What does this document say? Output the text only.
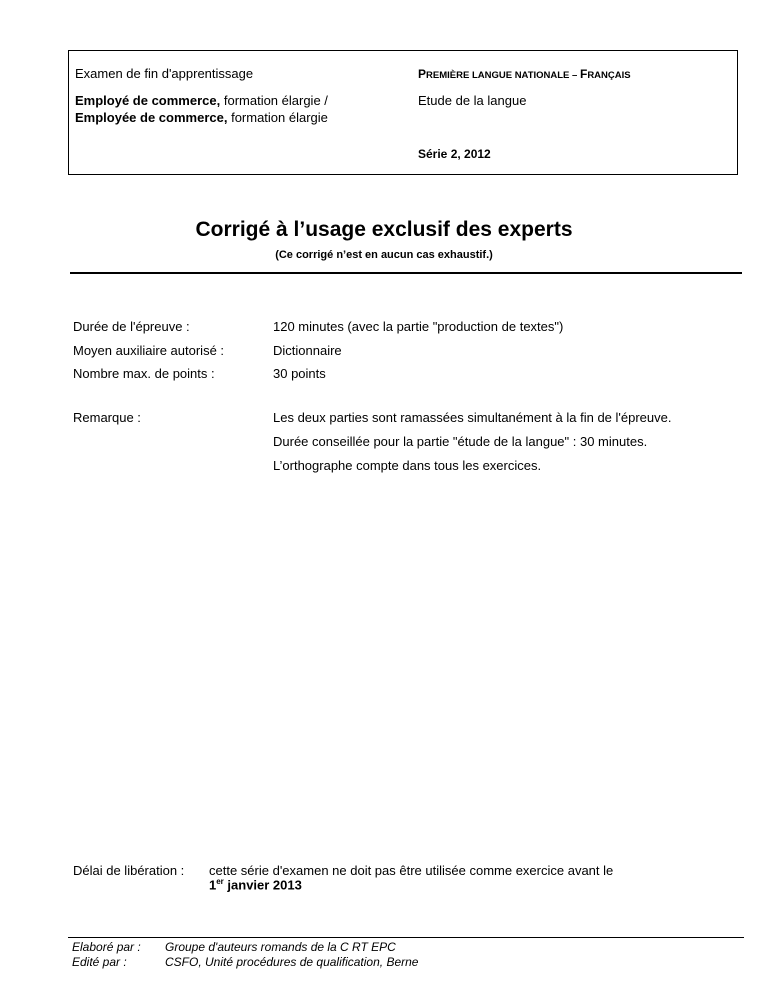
Examen de fin d'apprentissage	PREMIÈRE LANGUE NATIONALE – FRANÇAIS
Employé de commerce, formation élargie /
Employée de commerce, formation élargie
Etude de la langue
Série 2, 2012
Corrigé à l’usage exclusif des experts
(Ce corrigé n’est en aucun cas exhaustif.)
Durée de l'épreuve :	120 minutes (avec la partie "production de textes")
Moyen auxiliaire autorisé :	Dictionnaire
Nombre max. de points :	30 points
Remarque :	Les deux parties sont ramassées simultanément à la fin de l'épreuve.
Durée conseillée pour la partie "étude de la langue" : 30 minutes.
L’orthographe compte dans tous les exercices.
Délai de libération : cette série d'examen ne doit pas être utilisée comme exercice avant le
1er janvier 2013
Elaboré par : Groupe d'auteurs romands de la C RT EPC
Edité par :	CSFO, Unité procédures de qualification, Berne
